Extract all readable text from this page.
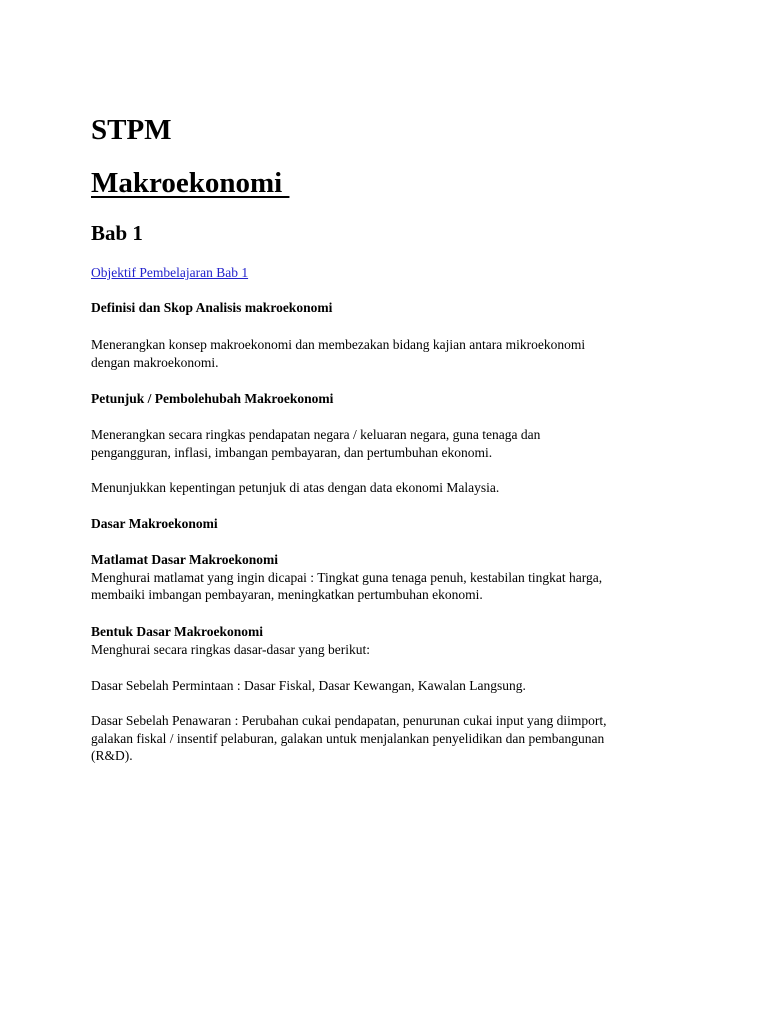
STPM
Makroekonomi
Bab 1
Objektif Pembelajaran Bab 1
Definisi dan Skop Analisis makroekonomi
Menerangkan konsep makroekonomi dan membezakan bidang kajian antara mikroekonomi
dengan makroekonomi.
Petunjuk / Pembolehubah Makroekonomi
Menerangkan secara ringkas pendapatan negara / keluaran negara, guna tenaga dan
pengangguran, inflasi, imbangan pembayaran, dan pertumbuhan ekonomi.
Menunjukkan kepentingan petunjuk di atas dengan data ekonomi Malaysia.
Dasar Makroekonomi
Matlamat Dasar Makroekonomi
Menghurai matlamat yang ingin dicapai : Tingkat guna tenaga penuh, kestabilan tingkat harga,
membaiki imbangan pembayaran, meningkatkan pertumbuhan ekonomi.
Bentuk Dasar Makroekonomi
Menghurai secara ringkas dasar-dasar yang berikut:
Dasar Sebelah Permintaan : Dasar Fiskal, Dasar Kewangan, Kawalan Langsung.
Dasar Sebelah Penawaran : Perubahan cukai pendapatan, penurunan cukai input yang diimport,
galakan fiskal / insentif pelaburan, galakan untuk menjalankan penyelidikan dan pembangunan
(R&D).
